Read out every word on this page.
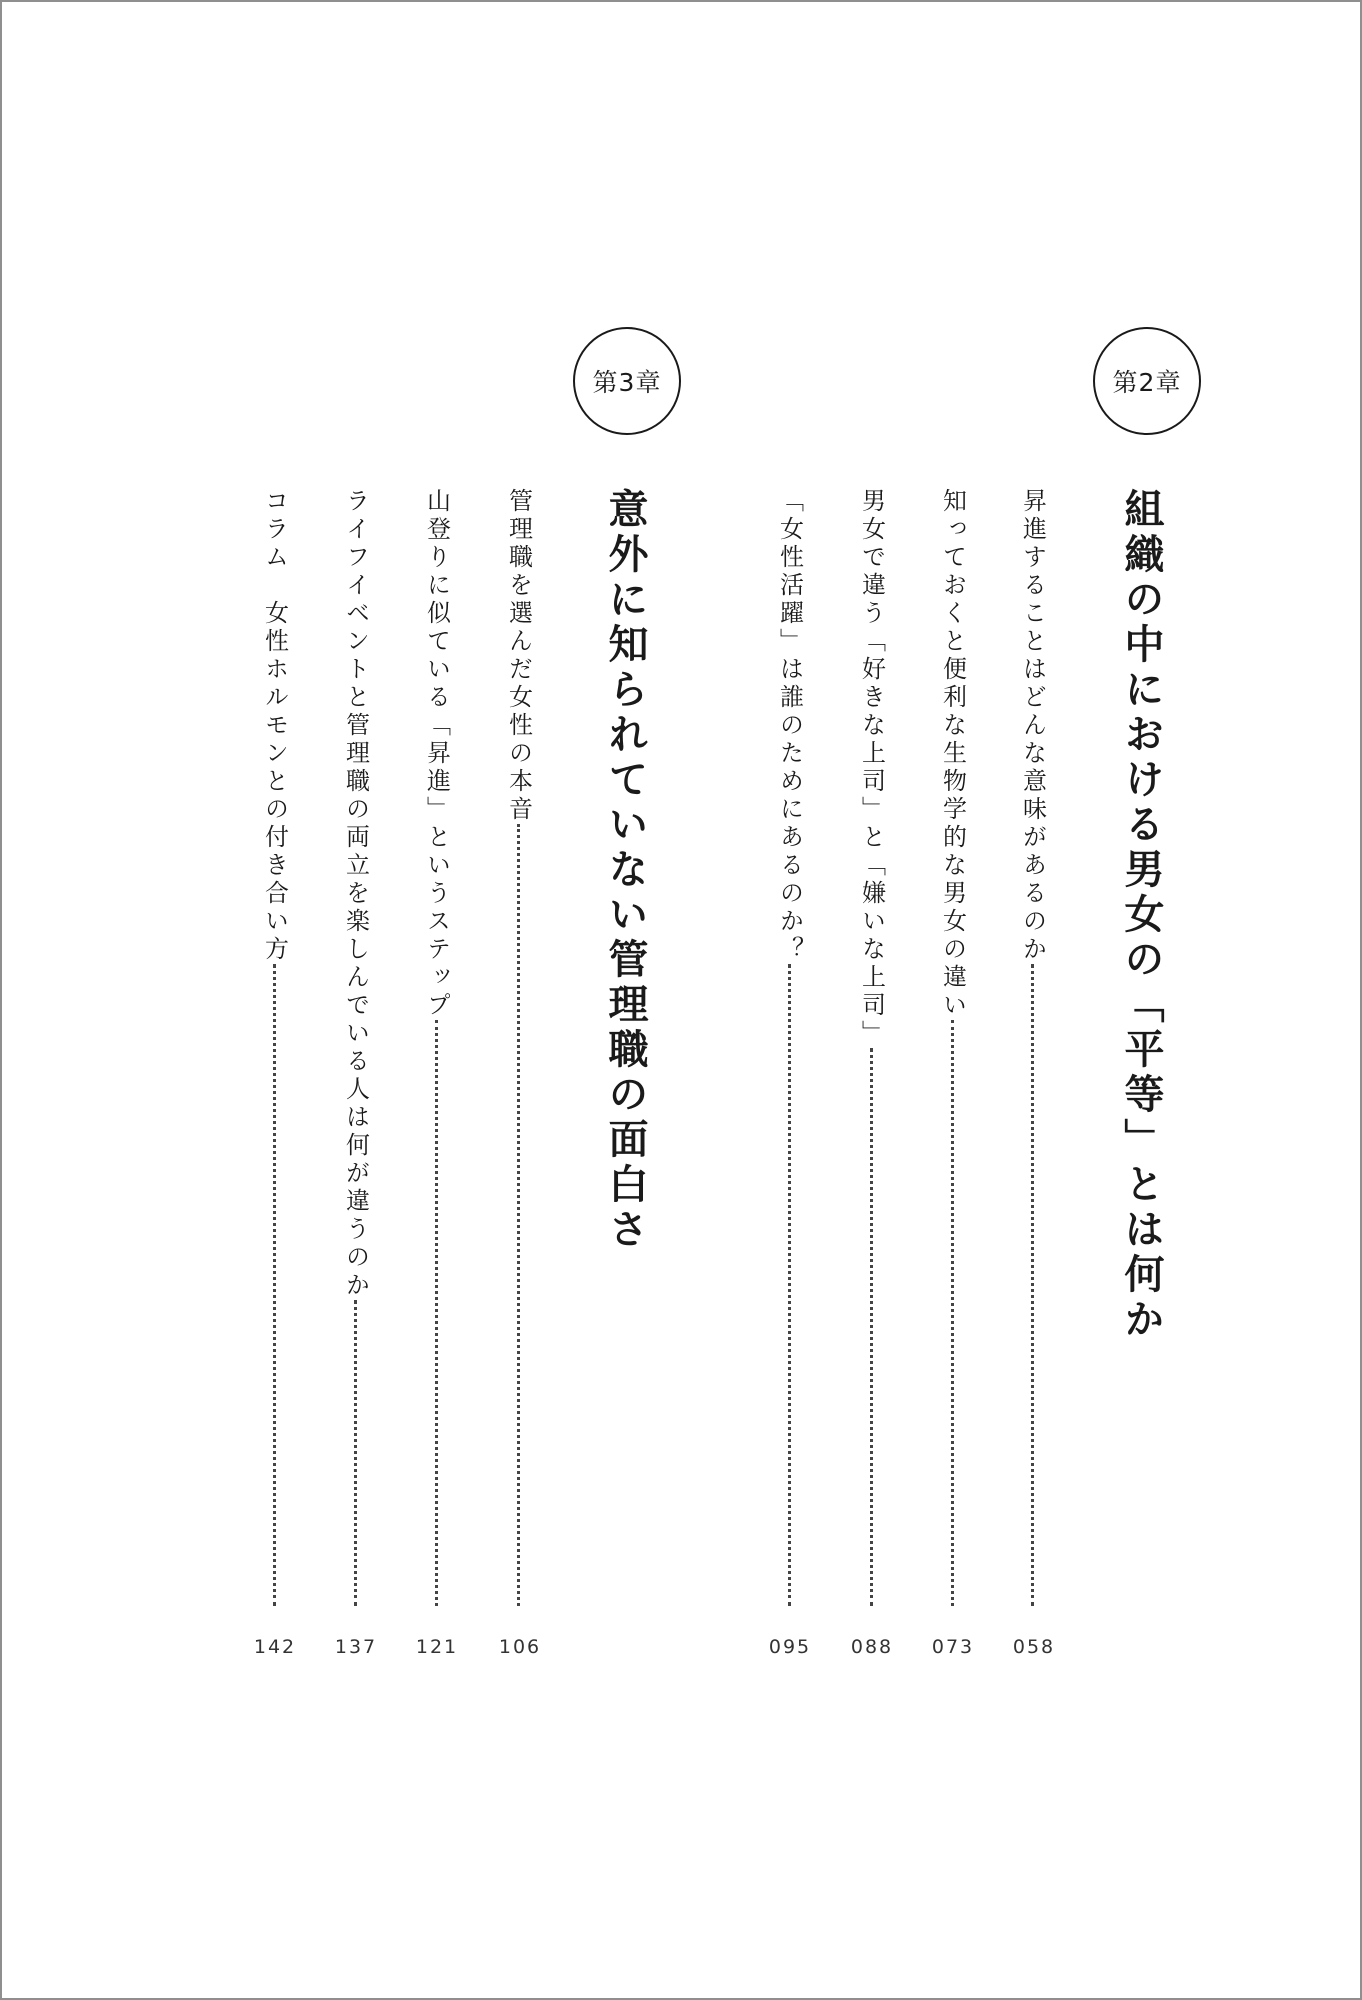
第2章
組織の中における男女の「平等」とは何か
昇進することはどんな意味があるのか
知っておくと便利な生物学的な男女の違い
男女で違う「好きな上司」と「嫌いな上司」
「女性活躍」は誰のためにあるのか？
058
073
088
095
第3章
意外に知られていない管理職の面白さ
管理職を選んだ女性の本音
山登りに似ている「昇進」というステップ
ライフイベントと管理職の両立を楽しんでいる人は何が違うのか
コラム　女性ホルモンとの付き合い方
106
121
137
142
